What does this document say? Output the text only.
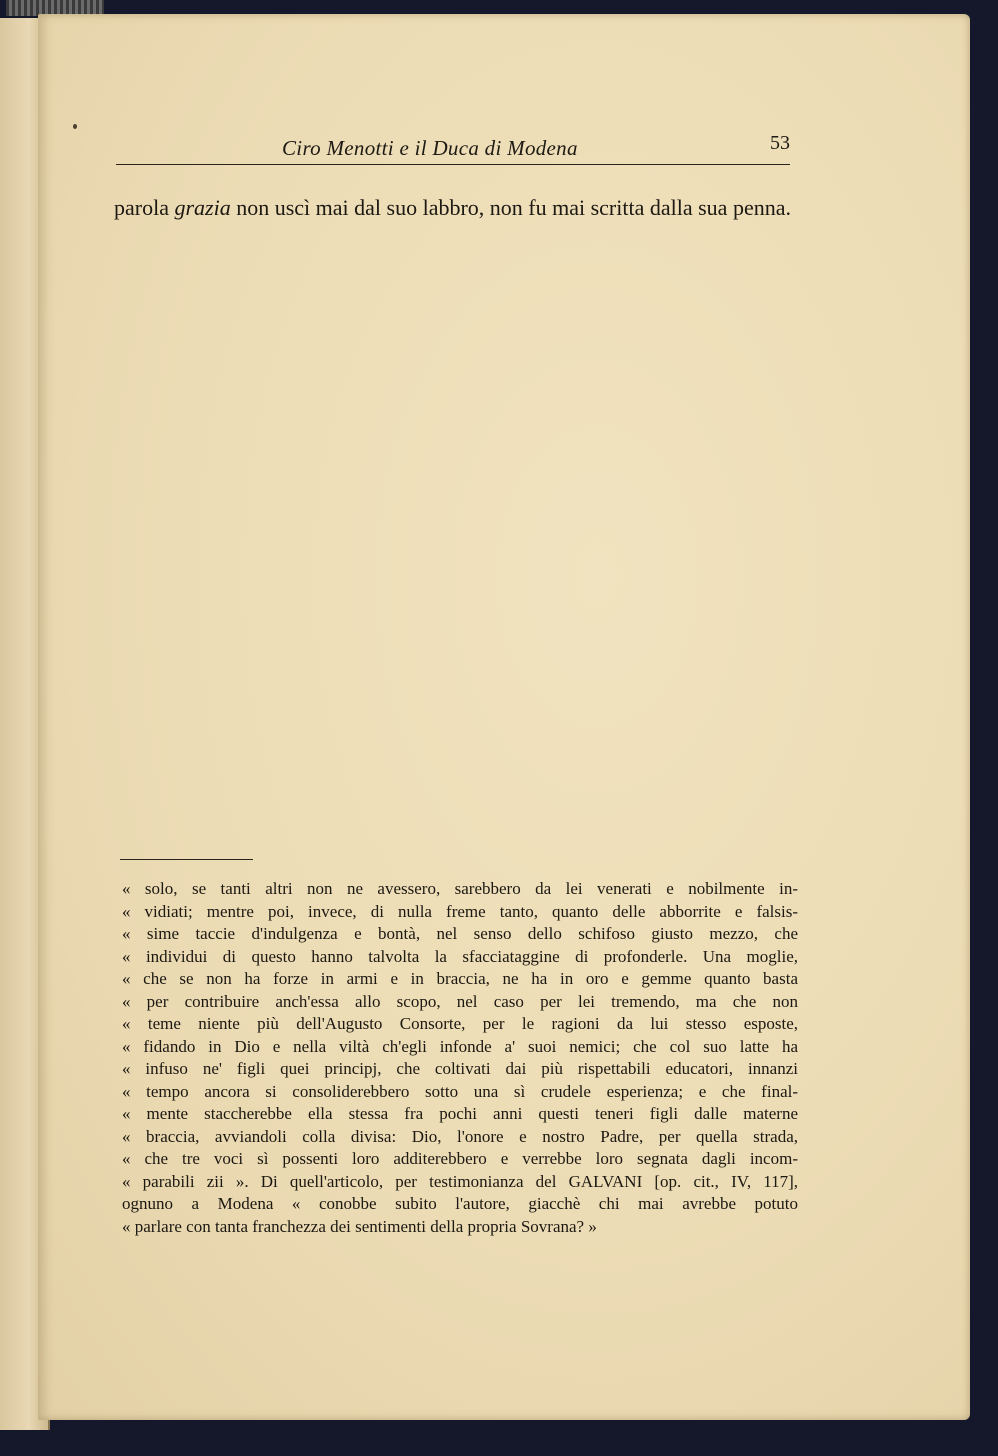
Ciro Menotti e il Duca di Modena	53

parola grazia non uscì mai dal suo labbro, non fu mai scritta dalla sua penna.

« solo, se tanti altri non ne avessero, sarebbero da lei venerati e nobilmente in-
« vidiati; mentre poi, invece, di nulla freme tanto, quanto delle abborrite e falsis-
« sime taccie d'indulgenza e bontà, nel senso dello schifoso giusto mezzo, che
« individui di questo hanno talvolta la sfacciataggine di profonderle. Una moglie,
« che se non ha forze in armi e in braccia, ne ha in oro e gemme quanto basta
« per contribuire anch'essa allo scopo, nel caso per lei tremendo, ma che non
« teme niente più dell'Augusto Consorte, per le ragioni da lui stesso esposte,
« fidando in Dio e nella viltà ch'egli infonde a' suoi nemici; che col suo latte ha
« infuso ne' figli quei principj, che coltivati dai più rispettabili educatori, innanzi
« tempo ancora si consoliderebbero sotto una sì crudele esperienza; e che final-
« mente staccherebbe ella stessa fra pochi anni questi teneri figli dalle materne
« braccia, avviandoli colla divisa: Dio, l'onore e nostro Padre, per quella strada,
« che tre voci sì possenti loro additerebbero e verrebbe loro segnata dagli incom-
« parabili zii ». Di quell'articolo, per testimonianza del GALVANI [op. cit., IV, 117],
ognuno a Modena « conobbe subito l'autore, giacchè chi mai avrebbe potuto
« parlare con tanta franchezza dei sentimenti della propria Sovrana? »
